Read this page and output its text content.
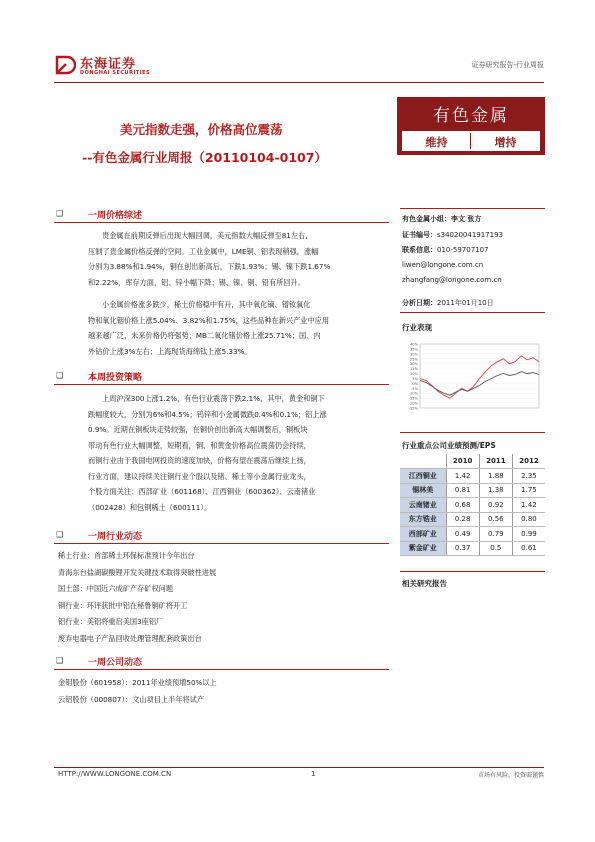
东海证券
DONGHAI SECURITIES
证券研究报告-行业周报
美元指数走强，价格高位震荡
--有色金属行业周报（20110104-0107）
有色金属
维持	增持
❑	一周价格综述
贵金属在前期反弹后出现大幅回调，美元指数大幅反弹至81左右，
压制了贵金属价格反弹的空间。工业金属中，LME铜、铝表现稍强，涨幅
分别为3.88%和1.94%，铜在创出新高后，下跌1.93%；锡、镍下跌1.67%
和2.22%，库存方面，铝、锌小幅下降；锡、镍、铜、铅有所回升。
小金属价格涨多跌少，稀土价格稳中有升，其中氧化镝、镨钕氧化
物和氧化铟价格上涨5.04%、3.82%和1.75%，这些品种在新兴产业中应用
越来越广泛，未来价格仍将强势；MB二氧化锗价格上涨25.71%；国、内
外钴价上涨3%左右；上海现货海绵钛上涨5.33%。
❑	本周投资策略
上周沪深300上涨1.2%，有色行业震荡下跌2.1%，其中，黄金和铜下
跌幅度较大，分别为6%和4.5%；钨锌和小金属微跌0.4%和0.1%；铝上涨
0.9%。近期在铜板块走势较强，在铜价创出新高大幅调整后，铜板块
带动有色行业大幅调整，短期看，铜、和黄金价格高位震荡仍会持续，
而铜行业由于我国电网投资的速度加快，价格有望在震荡后继续上扬，
行业方面，建议持续关注铜行业个股以及锗、稀土等小金属行业龙头，
个股方面关注：西部矿业（601168）、江西铜业（600362）、云南锗业
（002428）和包钢稀土（600111）。
❑	一周行业动态
稀土行业：首部稀土环保标准预计今年出台
青海东台盐湖碳酸锂开发关键技术取得突破性进展
国土部：中国近六成矿产存矿权问题
铜行业：环评获批中铝在秘鲁铜矿将开工
铝行业：美铝将重启美国3座铝厂
废弃电器电子产品回收处理管理配套政策出台
❑	一周公司动态
金钼股份（601958）：2011年业绩预增50%以上
云铝股份（000807）：文山项目上半年将试产
有色金属小组：李文 张方
证书编号：s34020041917193
联系信息：010-59707107
liwen@longone.com.cn
zhangfang@longone.com.cn
分析日期：2011年01月10日
行业表现
40%
35%
30%
25%
20%
15%
10%
5%
0%
-5%
-10%
-15%
-20%
-25%
行业重点公司业绩预测/EPS
	2010	2011	2012
江西铜业	1.42	1.88	2.35
锡林美	0.81	1.38	1.75
云南锗业	0.68	0.92	1.42
东方锆业	0.28	0.56	0.80
西部矿业	0.49	0.79	0.99
紫金矿业	0.37	0.5	0.61
相关研究报告
HTTP://WWW.LONGONE.COM.CN	1	市场有风险，投资需谨慎
